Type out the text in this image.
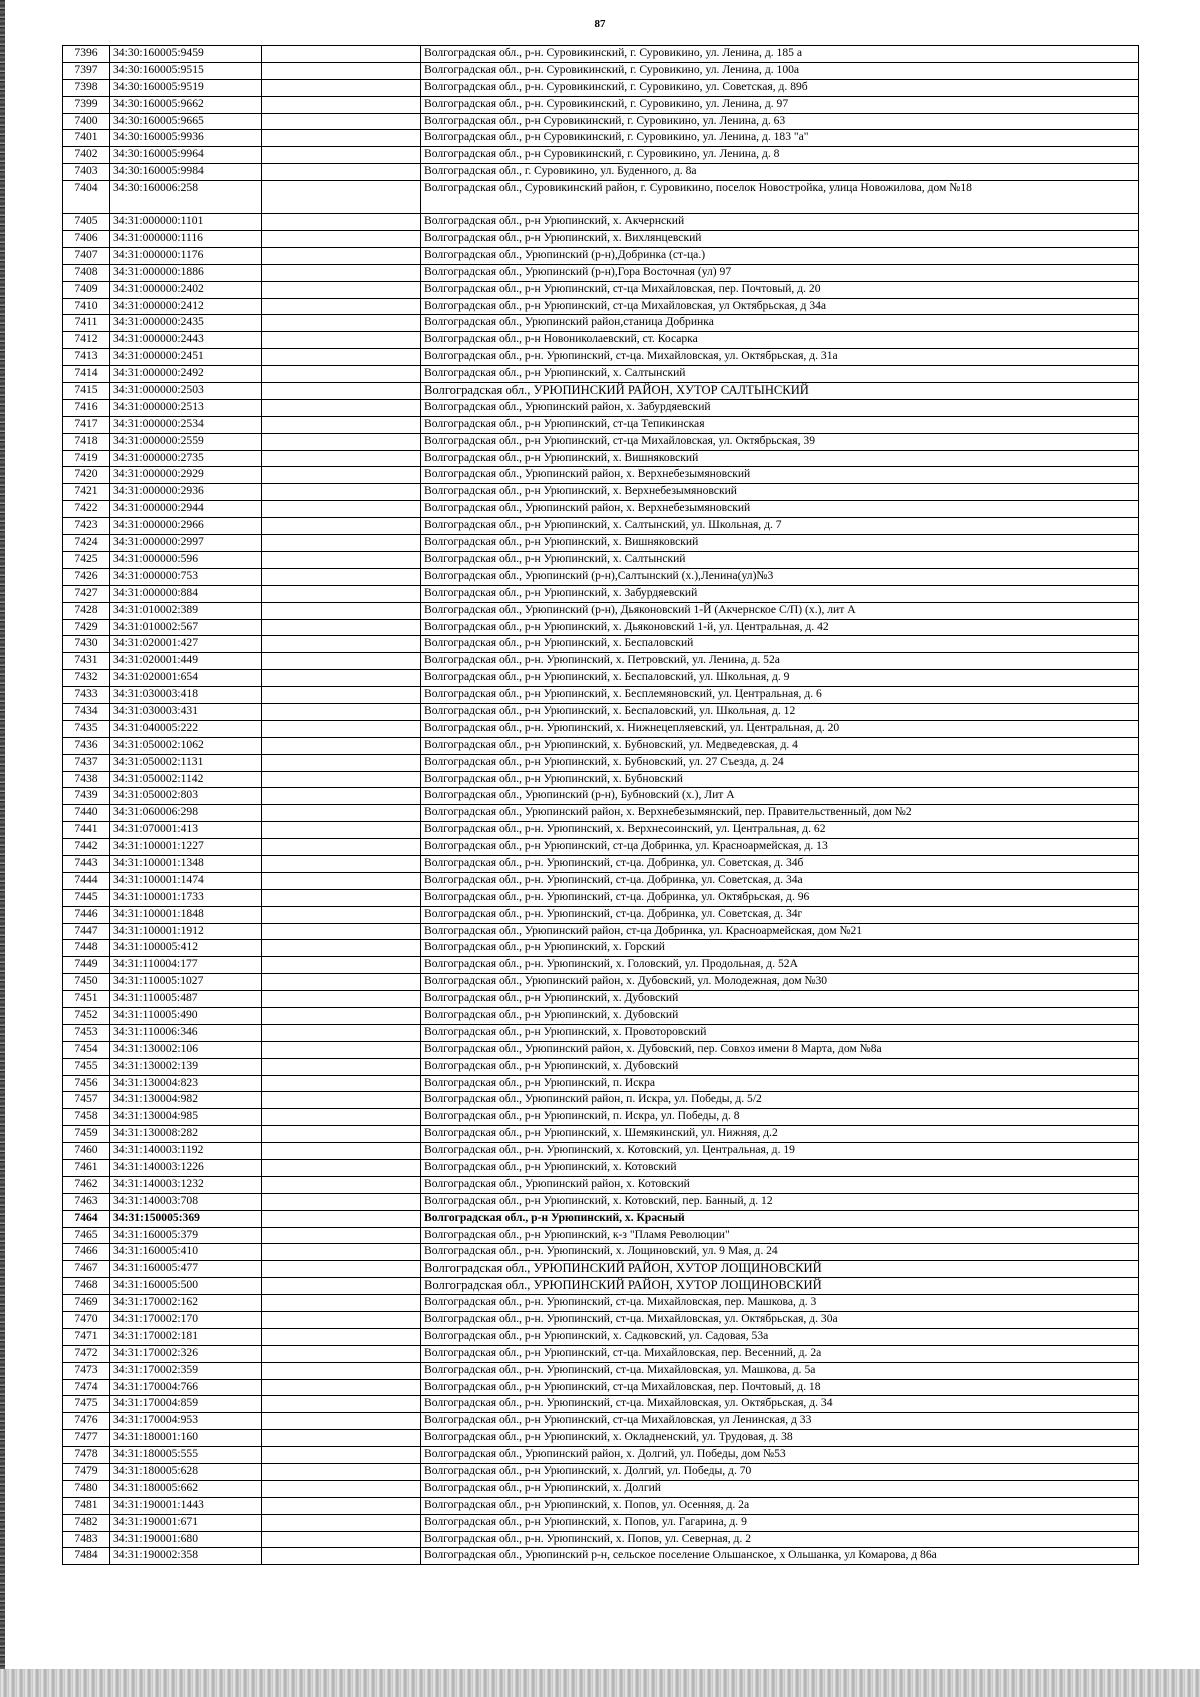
87
7396	34:30:160005:9459		Волгоградская обл., р-н. Суровикинский, г. Суровикино, ул. Ленина, д. 185 а
7397	34:30:160005:9515		Волгоградская обл., р-н. Суровикинский, г. Суровикино, ул. Ленина, д. 100а
7398	34:30:160005:9519		Волгоградская обл., р-н. Суровикинский, г. Суровикино, ул. Советская, д. 89б
7399	34:30:160005:9662		Волгоградская обл., р-н. Суровикинский, г. Суровикино, ул. Ленина, д. 97
7400	34:30:160005:9665		Волгоградская обл., р-н Суровикинский, г. Суровикино, ул. Ленина, д. 63
7401	34:30:160005:9936		Волгоградская обл., р-н Суровикинский, г. Суровикино, ул. Ленина, д. 183 "а"
7402	34:30:160005:9964		Волгоградская обл., р-н Суровикинский, г. Суровикино, ул. Ленина, д. 8
7403	34:30:160005:9984		Волгоградская обл., г. Суровикино, ул. Буденного, д. 8а
7404	34:30:160006:258		Волгоградская обл., Суровикинский район, г. Суровикино, поселок Новостройка, улица Новожилова, дом №18
7405	34:31:000000:1101		Волгоградская обл., р-н Урюпинский, х. Акчернский
7406	34:31:000000:1116		Волгоградская обл., р-н Урюпинский, х. Вихлянцевский
7407	34:31:000000:1176		Волгоградская обл., Урюпинский (р-н),Добринка (ст-ца.)
7408	34:31:000000:1886		Волгоградская обл., Урюпинский (р-н),Гора Восточная (ул) 97
7409	34:31:000000:2402		Волгоградская обл., р-н Урюпинский, ст-ца Михайловская, пер. Почтовый, д. 20
7410	34:31:000000:2412		Волгоградская обл., р-н Урюпинский, ст-ца Михайловская, ул Октябрьская, д 34а
7411	34:31:000000:2435		Волгоградская обл., Урюпинский район,станица Добринка
7412	34:31:000000:2443		Волгоградская обл., р-н Новониколаевский, ст. Косарка
7413	34:31:000000:2451		Волгоградская обл., р-н. Урюпинский, ст-ца. Михайловская, ул. Октябрьская, д. 31а
7414	34:31:000000:2492		Волгоградская обл., р-н Урюпинский, х. Салтынский
7415	34:31:000000:2503		Волгоградская обл., УРЮПИНСКИЙ РАЙОН, ХУТОР САЛТЫНСКИЙ
7416	34:31:000000:2513		Волгоградская обл., Урюпинский район, х. Забурдяевский
7417	34:31:000000:2534		Волгоградская обл., р-н Урюпинский, ст-ца Тепикинская
7418	34:31:000000:2559		Волгоградская обл., р-н Урюпинский, ст-ца Михайловская, ул. Октябрьская, 39
7419	34:31:000000:2735		Волгоградская обл., р-н Урюпинский, х. Вишняковский
7420	34:31:000000:2929		Волгоградская обл., Урюпинский район, х. Верхнебезымяновский
7421	34:31:000000:2936		Волгоградская обл., р-н Урюпинский, х. Верхнебезымяновский
7422	34:31:000000:2944		Волгоградская обл., Урюпинский район, х. Верхнебезымяновский
7423	34:31:000000:2966		Волгоградская обл., р-н Урюпинский, х. Салтынский, ул. Школьная, д. 7
7424	34:31:000000:2997		Волгоградская обл., р-н Урюпинский, х. Вишняковский
7425	34:31:000000:596		Волгоградская обл., р-н Урюпинский, х. Салтынский
7426	34:31:000000:753		Волгоградская обл., Урюпинский (р-н),Салтынский (х.),Ленина(ул)№3
7427	34:31:000000:884		Волгоградская обл., р-н Урюпинский, х. Забурдяевский
7428	34:31:010002:389		Волгоградская обл., Урюпинский (р-н), Дьяконовский 1-Й (Акчернское С/П) (х.), лит А
7429	34:31:010002:567		Волгоградская обл., р-н Урюпинский, х. Дьяконовский 1-й, ул. Центральная, д. 42
7430	34:31:020001:427		Волгоградская обл., р-н Урюпинский, х. Беспаловский
7431	34:31:020001:449		Волгоградская обл., р-н. Урюпинский, х. Петровский, ул. Ленина, д. 52а
7432	34:31:020001:654		Волгоградская обл., р-н Урюпинский, х. Беспаловский, ул. Школьная, д. 9
7433	34:31:030003:418		Волгоградская обл., р-н Урюпинский, х. Бесплемяновский, ул. Центральная, д. 6
7434	34:31:030003:431		Волгоградская обл., р-н Урюпинский, х. Беспаловский, ул. Школьная, д. 12
7435	34:31:040005:222		Волгоградская обл., р-н. Урюпинский, х. Нижнецепляевский, ул. Центральная, д. 20
7436	34:31:050002:1062		Волгоградская обл., р-н Урюпинский, х. Бубновский, ул. Медведевская, д. 4
7437	34:31:050002:1131		Волгоградская обл., р-н Урюпинский, х. Бубновский, ул. 27 Съезда, д. 24
7438	34:31:050002:1142		Волгоградская обл., р-н Урюпинский, х. Бубновский
7439	34:31:050002:803		Волгоградская обл., Урюпинский (р-н), Бубновский (х.), Лит А
7440	34:31:060006:298		Волгоградская обл., Урюпинский район, х. Верхнебезымянский, пер. Правительственный, дом №2
7441	34:31:070001:413		Волгоградская обл., р-н. Урюпинский, х. Верхнесоинский, ул. Центральная, д. 62
7442	34:31:100001:1227		Волгоградская обл., р-н Урюпинский, ст-ца Добринка, ул. Красноармейская, д. 13
7443	34:31:100001:1348		Волгоградская обл., р-н. Урюпинский, ст-ца. Добринка, ул. Советская, д. 34б
7444	34:31:100001:1474		Волгоградская обл., р-н. Урюпинский, ст-ца. Добринка, ул. Советская, д. 34а
7445	34:31:100001:1733		Волгоградская обл., р-н. Урюпинский, ст-ца. Добринка, ул. Октябрьская, д. 96
7446	34:31:100001:1848		Волгоградская обл., р-н. Урюпинский, ст-ца. Добринка, ул. Советская, д. 34г
7447	34:31:100001:1912		Волгоградская обл., Урюпинский район, ст-ца Добринка, ул. Красноармейская, дом №21
7448	34:31:100005:412		Волгоградская обл., р-н Урюпинский, х. Горский
7449	34:31:110004:177		Волгоградская обл., р-н. Урюпинский, х. Головский, ул. Продольная, д. 52А
7450	34:31:110005:1027		Волгоградская обл., Урюпинский район, х. Дубовский, ул. Молодежная, дом №30
7451	34:31:110005:487		Волгоградская обл., р-н Урюпинский, х. Дубовский
7452	34:31:110005:490		Волгоградская обл., р-н Урюпинский, х. Дубовский
7453	34:31:110006:346		Волгоградская обл., р-н Урюпинский, х. Провоторовский
7454	34:31:130002:106		Волгоградская обл., Урюпинский район, х. Дубовский, пер. Совхоз имени 8 Марта, дом №8а
7455	34:31:130002:139		Волгоградская обл., р-н Урюпинский, х. Дубовский
7456	34:31:130004:823		Волгоградская обл., р-н Урюпинский, п. Искра
7457	34:31:130004:982		Волгоградская обл., Урюпинский район, п. Искра, ул. Победы, д. 5/2
7458	34:31:130004:985		Волгоградская обл., р-н Урюпинский, п. Искра, ул. Победы, д. 8
7459	34:31:130008:282		Волгоградская обл., р-н Урюпинский, х. Шемякинский, ул. Нижняя, д.2
7460	34:31:140003:1192		Волгоградская обл., р-н. Урюпинский, х. Котовский, ул. Центральная, д. 19
7461	34:31:140003:1226		Волгоградская обл., р-н Урюпинский, х. Котовский
7462	34:31:140003:1232		Волгоградская обл., Урюпинский район, х. Котовский
7463	34:31:140003:708		Волгоградская обл., р-н Урюпинский, х. Котовский, пер. Банный, д. 12
7464	34:31:150005:369		Волгоградская обл., р-н Урюпинский, х. Красный
7465	34:31:160005:379		Волгоградская обл., р-н Урюпинский, к-з "Пламя Революции"
7466	34:31:160005:410		Волгоградская обл., р-н. Урюпинский, х. Лощиновский, ул. 9 Мая, д. 24
7467	34:31:160005:477		Волгоградская обл., УРЮПИНСКИЙ РАЙОН, ХУТОР ЛОЩИНОВСКИЙ
7468	34:31:160005:500		Волгоградская обл., УРЮПИНСКИЙ РАЙОН, ХУТОР ЛОЩИНОВСКИЙ
7469	34:31:170002:162		Волгоградская обл., р-н. Урюпинский, ст-ца. Михайловская, пер. Машкова, д. 3
7470	34:31:170002:170		Волгоградская обл., р-н. Урюпинский, ст-ца. Михайловская, ул. Октябрьская, д. 30а
7471	34:31:170002:181		Волгоградская обл., р-н Урюпинский, х. Садковский, ул. Садовая, 53а
7472	34:31:170002:326		Волгоградская обл., р-н Урюпинский, ст-ца. Михайловская, пер. Весенний, д. 2а
7473	34:31:170002:359		Волгоградская обл., р-н. Урюпинский, ст-ца. Михайловская, ул. Машкова, д. 5а
7474	34:31:170004:766		Волгоградская обл., р-н Урюпинский, ст-ца Михайловская, пер. Почтовый, д. 18
7475	34:31:170004:859		Волгоградская обл., р-н. Урюпинский, ст-ца. Михайловская, ул. Октябрьская, д. 34
7476	34:31:170004:953		Волгоградская обл., р-н Урюпинский, ст-ца Михайловская, ул Ленинская, д 33
7477	34:31:180001:160		Волгоградская обл., р-н Урюпинский, х. Окладненский, ул. Трудовая, д. 38
7478	34:31:180005:555		Волгоградская обл., Урюпинский район, х. Долгий, ул. Победы, дом №53
7479	34:31:180005:628		Волгоградская обл., р-н Урюпинский, х. Долгий, ул. Победы, д. 70
7480	34:31:180005:662		Волгоградская обл., р-н Урюпинский, х. Долгий
7481	34:31:190001:1443		Волгоградская обл., р-н Урюпинский, х. Попов, ул. Осенняя, д. 2а
7482	34:31:190001:671		Волгоградская обл., р-н Урюпинский, х. Попов, ул. Гагарина, д. 9
7483	34:31:190001:680		Волгоградская обл., р-н. Урюпинский, х. Попов, ул. Северная, д. 2
7484	34:31:190002:358		Волгоградская обл., Урюпинский р-н, сельское поселение Ольшанское, х Ольшанка, ул Комарова, д 86а
